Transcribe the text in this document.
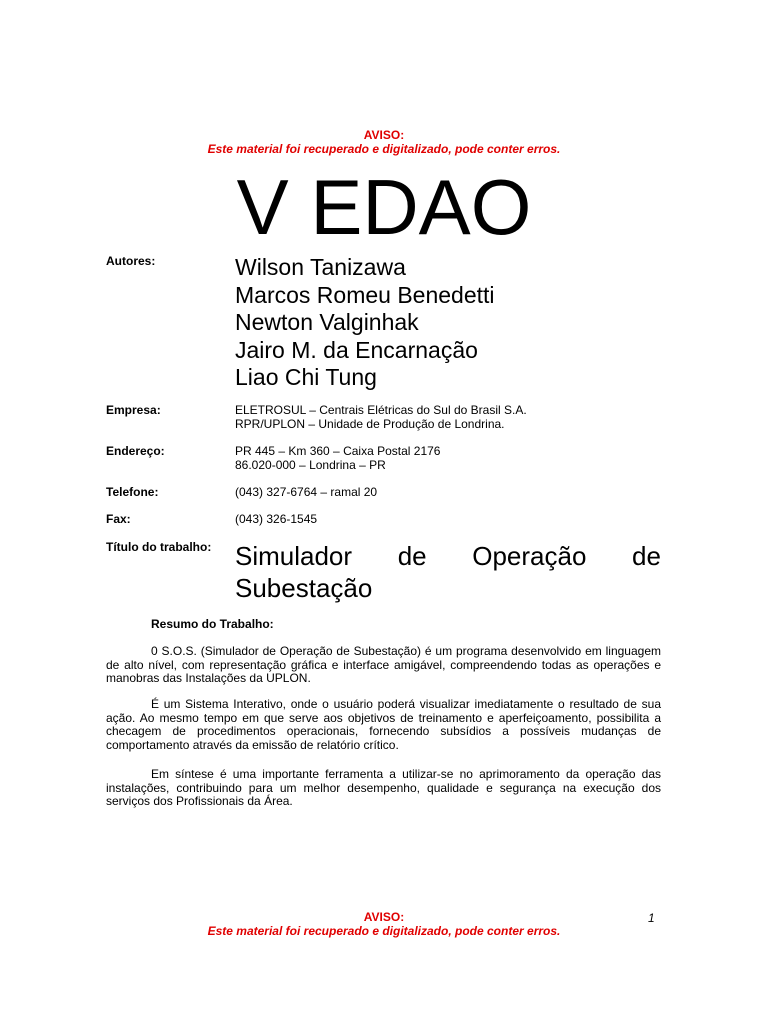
AVISO:
Este material foi recuperado e digitalizado, pode conter erros.
V EDAO
Autores:	Wilson Tanizawa
Marcos Romeu Benedetti
Newton Valginhak
Jairo M. da Encarnação
Liao Chi Tung
Empresa:	ELETROSUL – Centrais Elétricas do Sul do Brasil S.A.
RPR/UPLON – Unidade de Produção de Londrina.
Endereço:	PR 445 – Km 360 – Caixa Postal 2176
86.020-000 – Londrina – PR
Telefone:	(043) 327-6764 – ramal 20
Fax:	(043) 326-1545
Título do trabalho: Simulador de Operação de
Subestação
Resumo do Trabalho:
0 S.O.S. (Simulador de Operação de Subestação) é um programa desenvolvido em linguagem de alto nível, com representação gráfica e interface amigável, compreendendo todas as operações e manobras das Instalações da UPLON.
É um Sistema Interativo, onde o usuário poderá visualizar imediatamente o resultado de sua ação. Ao mesmo tempo em que serve aos objetivos de treinamento e aperfeiçoamento, possibilita a checagem de procedimentos operacionais, fornecendo subsídios a possíveis mudanças de comportamento através da emissão de relatório crítico.
Em síntese é uma importante ferramenta a utilizar-se no aprimoramento da operação das instalações, contribuindo para um melhor desempenho, qualidade e segurança na execução dos serviços dos Profissionais da Área.
AVISO:
Este material foi recuperado e digitalizado, pode conter erros.
1
